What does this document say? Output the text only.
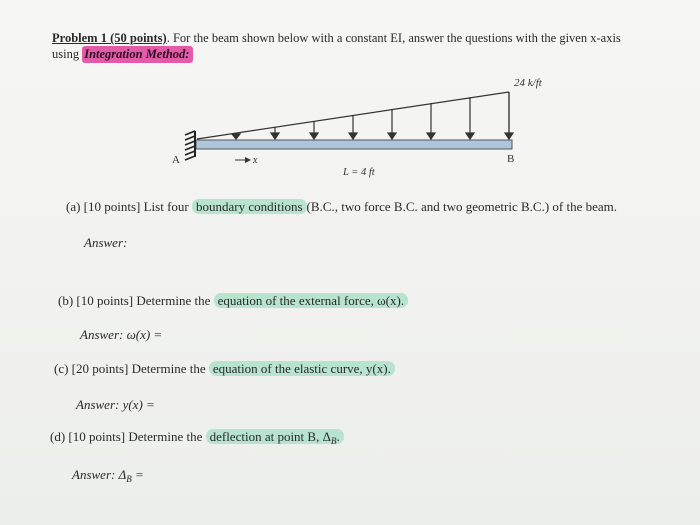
Problem 1 (50 points). For the beam shown below with a constant EI, answer the questions with the given x-axis
using Integration Method:
x
A	B
24 k/ft
L = 4 ft
(a) [10 points] List four boundary conditions (B.C., two force B.C. and two geometric B.C.) of the beam.
Answer:
(b) [10 points] Determine the equation of the external force, ω(x).
Answer: ω(x) =
(c) [20 points] Determine the equation of the elastic curve, y(x).
Answer: y(x) =
(d) [10 points] Determine the deflection at point B, $\Delta_B$.
Answer: $\Delta_B$ =
